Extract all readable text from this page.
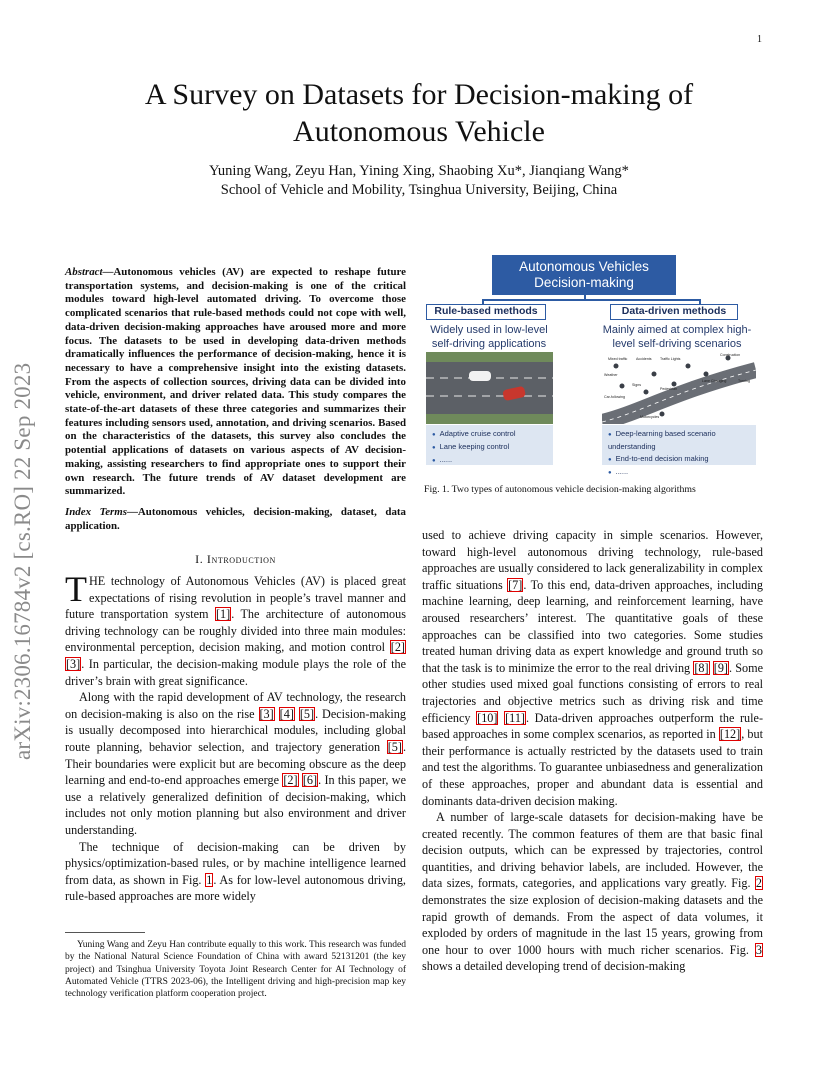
1
arXiv:2306.16784v2 [cs.RO] 22 Sep 2023
A Survey on Datasets for Decision-making of
Autonomous Vehicle
Yuning Wang, Zeyu Han, Yining Xing, Shaobing Xu*, Jianqiang Wang*
School of Vehicle and Mobility, Tsinghua University, Beijing, China
Abstract—Autonomous vehicles (AV) are expected to reshape future transportation systems, and decision-making is one of the critical modules toward high-level automated driving. To overcome those complicated scenarios that rule-based methods could not cope with well, data-driven decision-making approaches have aroused more and more focus. The datasets to be used in developing data-driven methods dramatically influences the performance of decision-making, hence it is necessary to have a comprehensive insight into the existing datasets. From the aspects of collection sources, driving data can be divided into vehicle, environment, and driver related data. This study compares the state-of-the-art datasets of these three categories and summarizes their features including sensors used, annotation, and driving scenarios. Based on the characteristics of the datasets, this survey also concludes the potential applications of datasets on various aspects of AV decision-making, assisting researchers to find appropriate ones to support their own research. The future trends of AV dataset development are summarized.
Index Terms—Autonomous vehicles, decision-making, dataset, data application.
I. Introduction

THE technology of Autonomous Vehicles (AV) is placed great expectations of rising revolution in people’s travel manner and future transportation system [1]. The architecture of autonomous driving technology can be roughly divided into three main modules: environmental perception, decision making, and motion control [2] [3]. In particular, the decision-making module plays the role of the driver’s brain with great significance.

Along with the rapid development of AV technology, the research on decision-making is also on the rise [3] [4] [5]. Decision-making is usually decomposed into hierarchical modules, including global route planning, behavior selection, and trajectory generation [5]. Their boundaries were explicit but are becoming obscure as the deep learning and end-to-end approaches emerge [2] [6]. In this paper, we use a relatively generalized definition of decision-making, which includes not only motion planning but also environment and driver understanding.

The technique of decision-making can be driven by physics/optimization-based rules, or by machine intelligence learned from data, as shown in Fig. 1. As for low-level autonomous driving, rule-based approaches are more widely

Yuning Wang and Zeyu Han contribute equally to this work. This research was funded by the National Natural Science Foundation of China with award 52131201 (the key project) and Tsinghua University Toyota Joint Research Center for AI Technology of Automated Vehicle (TTRS 2023-06), the Intelligent driving and high-precision map key technology verification platform cooperation project.
Autonomous Vehicles
Decision-making
Rule-based methods	Data-driven methods
Widely used in low-level
self-driving applications
Mainly aimed at complex high-
level self-driving scenarios
Mixed traffic Accidents Traffic Lights
Construction
Weather
Lane Changing	Turning
Signs
Pedestrian
Car-following
Motorcycles
● Adaptive cruise control
● Lane keeping control
● ......
● Deep-learning based scenario understanding
● End-to-end decision making
● ......
Fig. 1. Two types of autonomous vehicle decision-making algorithms

used to achieve driving capacity in simple scenarios. However, toward high-level autonomous driving technology, rule-based approaches are usually considered to lack generalizability in complex traffic situations [7]. To this end, data-driven approaches, including machine learning, deep learning, and reinforcement learning, have aroused researchers’ interest. The quantitative goals of these approaches can be classified into two categories. Some studies treated human driving data as expert knowledge and ground truth so that the task is to minimize the error to the real driving [8] [9]. Some other studies used mixed goal functions consisting of errors to real trajectories and objective metrics such as driving risk and time efficiency [10] [11]. Data-driven approaches outperform the rule-based approaches in some complex scenarios, as reported in [12], but their performance is actually restricted by the datasets used to train and test the algorithms. To guarantee unbiasedness and generalization of these approaches, proper and abundant data is essential and dominants data-driven decision making.

A number of large-scale datasets for decision-making have be created recently. The common features of them are that basic final decision outputs, which can be expressed by trajectories, control quantities, and driving behavior labels, are included. However, the data sizes, formats, categories, and applications vary greatly. Fig. 2 demonstrates the size explosion of decision-making datasets and the rapid growth of demands. From the aspect of data volumes, it exploded by orders of magnitude in the last 15 years, growing from one hour to over 1000 hours with much richer scenarios. Fig. 3 shows a detailed developing trend of decision-making
